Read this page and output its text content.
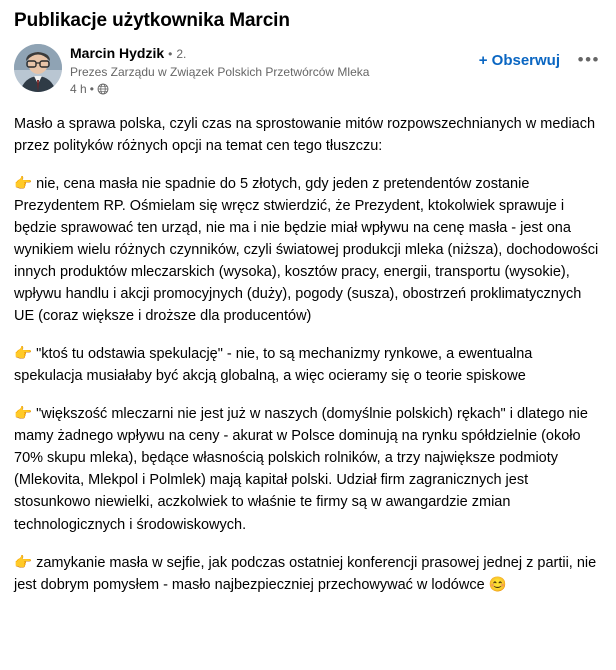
Publikacje użytkownika Marcin
Marcin Hydzik • 2.
Prezes Zarządu w Związek Polskich Przetwórców Mleka
4 h •
+ Obserwuj	•••

Masło a sprawa polska, czyli czas na sprostowanie mitów rozpowszechnianych w mediach przez polityków różnych opcji na temat cen tego tłuszczu:

👉 nie, cena masła nie spadnie do 5 złotych, gdy jeden z pretendentów zostanie Prezydentem RP. Ośmielam się wręcz stwierdzić, że Prezydent, ktokolwiek sprawuje i będzie sprawować ten urząd, nie ma i nie będzie miał wpływu na cenę masła - jest ona wynikiem wielu różnych czynników, czyli światowej produkcji mleka (niższa), dochodowości innych produktów mleczarskich (wysoka), kosztów pracy, energii, transportu (wysokie), wpływu handlu i akcji promocyjnych (duży), pogody (susza), obostrzeń proklimatycznych UE (coraz większe i droższe dla producentów)

👉 "ktoś tu odstawia spekulację" - nie, to są mechanizmy rynkowe, a ewentualna spekulacja musiałaby być akcją globalną, a więc ocieramy się o teorie spiskowe

👉 "większość mleczarni nie jest już w naszych (domyślnie polskich) rękach" i dlatego nie mamy żadnego wpływu na ceny - akurat w Polsce dominują na rynku spółdzielnie (około 70% skupu mleka), będące własnością polskich rolników, a trzy największe podmioty (Mlekovita, Mlekpol i Polmlek) mają kapitał polski. Udział firm zagranicznych jest stosunkowo niewielki, aczkolwiek to właśnie te firmy są w awangardzie zmian technologicznych i środowiskowych.

👉 zamykanie masła w sejfie, jak podczas ostatniej konferencji prasowej jednej z partii, nie jest dobrym pomysłem - masło najbezpieczniej przechowywać w lodówce 😊
